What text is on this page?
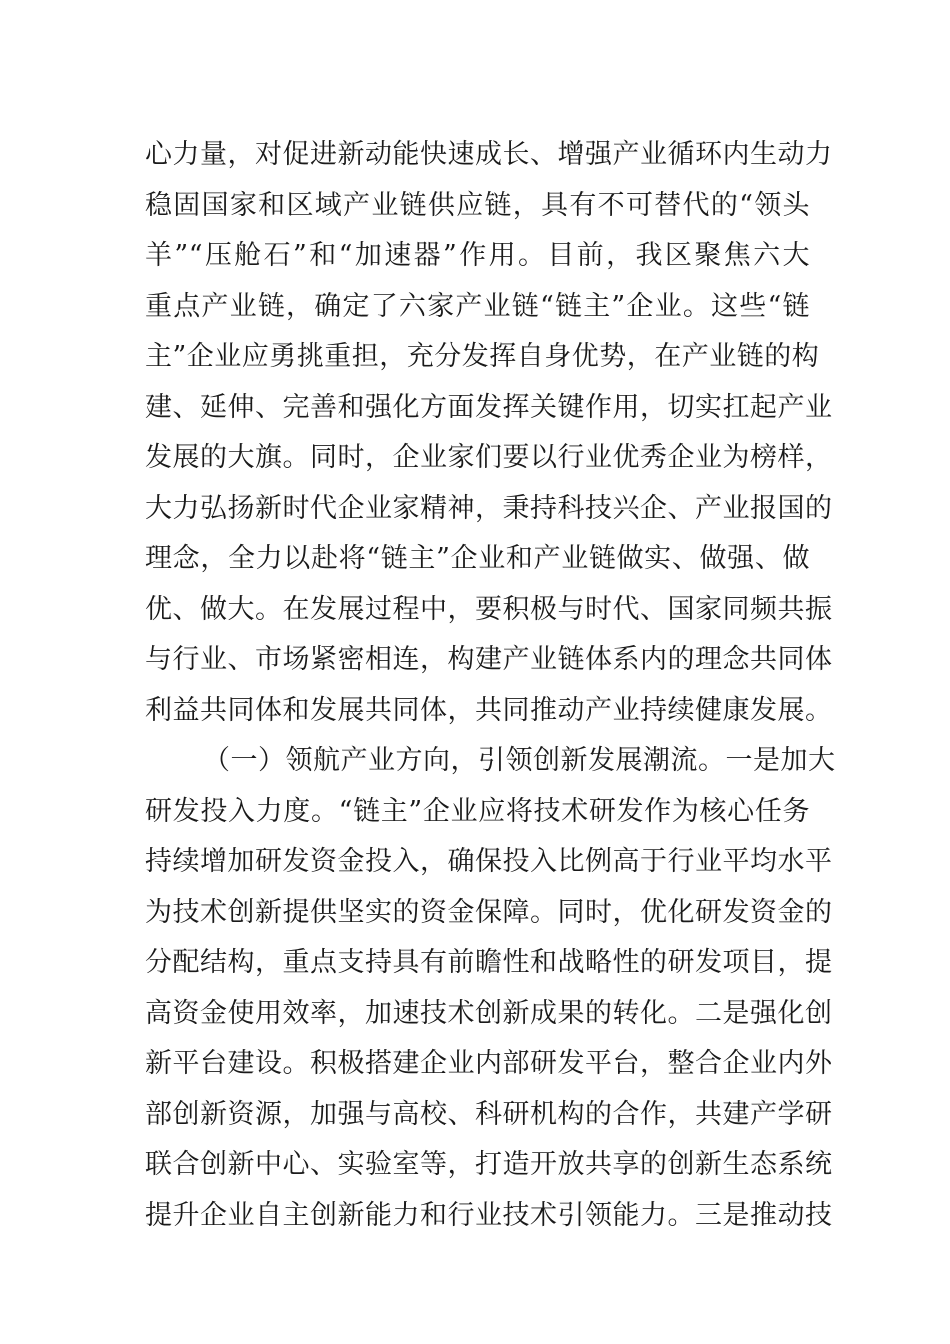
心力量，对促进新动能快速成长、增强产业循环内生动力
稳固国家和区域产业链供应链，具有不可替代的“领头
羊”“压舱石”和“加速器”作用。目前，我区聚焦六大
重点产业链，确定了六家产业链“链主”企业。这些“链
主”企业应勇挑重担，充分发挥自身优势，在产业链的构
建、延伸、完善和强化方面发挥关键作用，切实扛起产业
发展的大旗。同时，企业家们要以行业优秀企业为榜样，
大力弘扬新时代企业家精神，秉持科技兴企、产业报国的
理念，全力以赴将“链主”企业和产业链做实、做强、做
优、做大。在发展过程中，要积极与时代、国家同频共振
与行业、市场紧密相连，构建产业链体系内的理念共同体
利益共同体和发展共同体，共同推动产业持续健康发展。
（一）领航产业方向，引领创新发展潮流。一是加大
研发投入力度。“链主”企业应将技术研发作为核心任务
持续增加研发资金投入，确保投入比例高于行业平均水平
为技术创新提供坚实的资金保障。同时，优化研发资金的
分配结构，重点支持具有前瞻性和战略性的研发项目，提
高资金使用效率，加速技术创新成果的转化。二是强化创
新平台建设。积极搭建企业内部研发平台，整合企业内外
部创新资源，加强与高校、科研机构的合作，共建产学研
联合创新中心、实验室等，打造开放共享的创新生态系统
提升企业自主创新能力和行业技术引领能力。三是推动技
